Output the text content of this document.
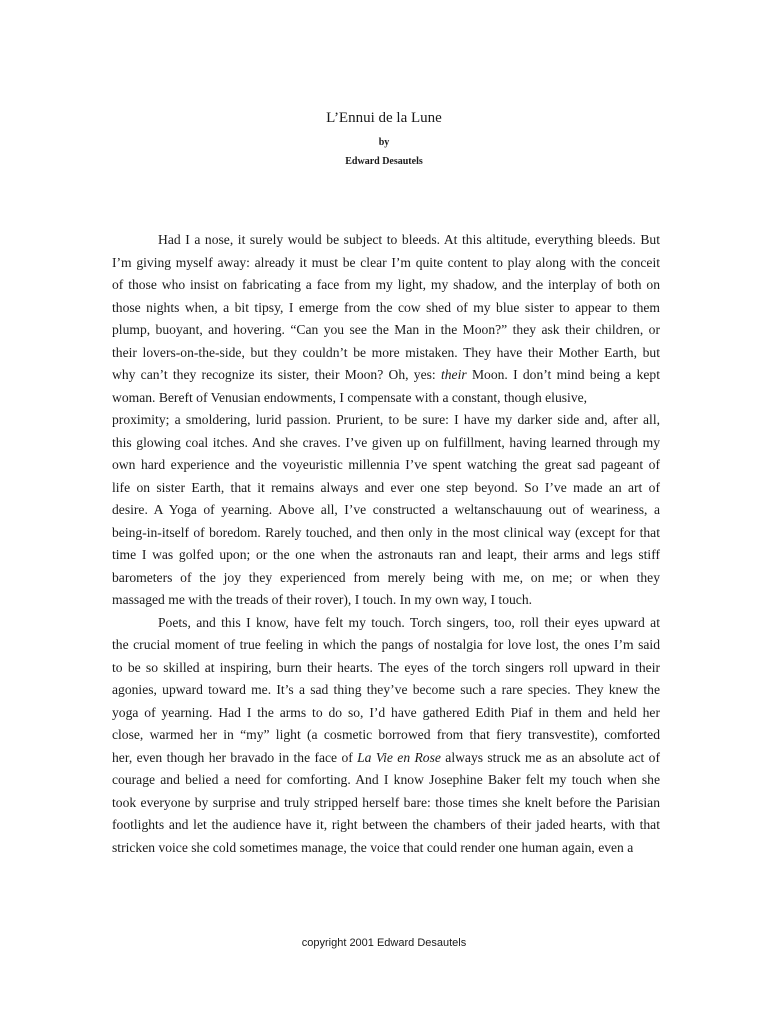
L’Ennui de la Lune
by
Edward Desautels
Had I a nose, it surely would be subject to bleeds. At this altitude, everything bleeds. But
I’m giving myself away: already it must be clear I’m quite content to play along with the conceit
of those who insist on fabricating a face from my light, my shadow, and the interplay of both on
those nights when, a bit tipsy, I emerge from the cow shed of my blue sister to appear to them
plump, buoyant, and hovering. “Can you see the Man in the Moon?” they ask their children, or
their lovers-on-the-side, but they couldn’t be more mistaken. They have their Mother Earth, but
why can’t they recognize its sister, their Moon? Oh, yes: their Moon. I don’t mind being a kept
woman. Bereft of Venusian endowments, I compensate with a constant, though elusive,
proximity; a smoldering, lurid passion. Prurient, to be sure: I have my darker side and, after all,
this glowing coal itches. And she craves. I’ve given up on fulfillment, having learned through my
own hard experience and the voyeuristic millennia I’ve spent watching the great sad pageant of
life on sister Earth, that it remains always and ever one step beyond. So I’ve made an art of
desire. A Yoga of yearning. Above all, I’ve constructed a weltanschauung out of weariness, a
being-in-itself of boredom. Rarely touched, and then only in the most clinical way (except for that
time I was golfed upon; or the one when the astronauts ran and leapt, their arms and legs stiff
barometers of the joy they experienced from merely being with me, on me; or when they
massaged me with the treads of their rover), I touch. In my own way, I touch.
Poets, and this I know, have felt my touch. Torch singers, too, roll their eyes upward at
the crucial moment of true feeling in which the pangs of nostalgia for love lost, the ones I’m said
to be so skilled at inspiring, burn their hearts. The eyes of the torch singers roll upward in their
agonies, upward toward me. It’s a sad thing they’ve become such a rare species. They knew the
yoga of yearning. Had I the arms to do so, I’d have gathered Edith Piaf in them and held her
close, warmed her in “my” light (a cosmetic borrowed from that fiery transvestite), comforted
her, even though her bravado in the face of La Vie en Rose always struck me as an absolute act of
courage and belied a need for comforting. And I know Josephine Baker felt my touch when she
took everyone by surprise and truly stripped herself bare: those times she knelt before the Parisian
footlights and let the audience have it, right between the chambers of their jaded hearts, with that
stricken voice she cold sometimes manage, the voice that could render one human again, even a
copyright 2001 Edward Desautels
